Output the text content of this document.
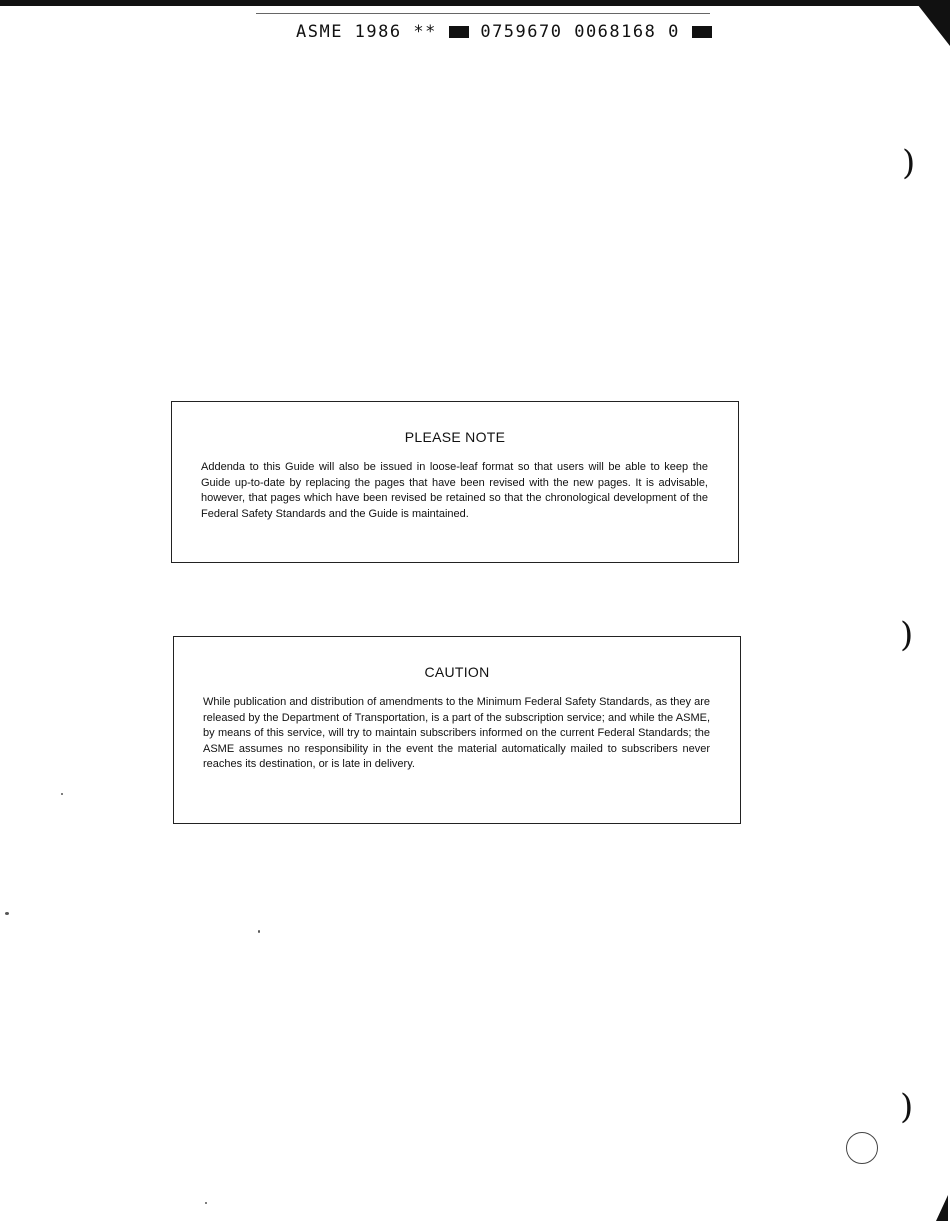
ASME 1986 **	0759670 0068168 0
PLEASE NOTE
Addenda to this Guide will also be issued in loose-leaf format so that users will be able to keep the Guide up-to-date by replacing the pages that have been revised with the new pages. It is advisable, however, that pages which have been revised be retained so that the chronological development of the Federal Safety Standards and the Guide is maintained.
CAUTION
While publication and distribution of amendments to the Minimum Federal Safety Standards, as they are released by the Department of Transportation, is a part of the subscription service; and while the ASME, by means of this service, will try to maintain subscribers informed on the current Federal Standards; the ASME assumes no responsibility in the event the material automatically mailed to subscribers never reaches its destination, or is late in delivery.
)
)
)
